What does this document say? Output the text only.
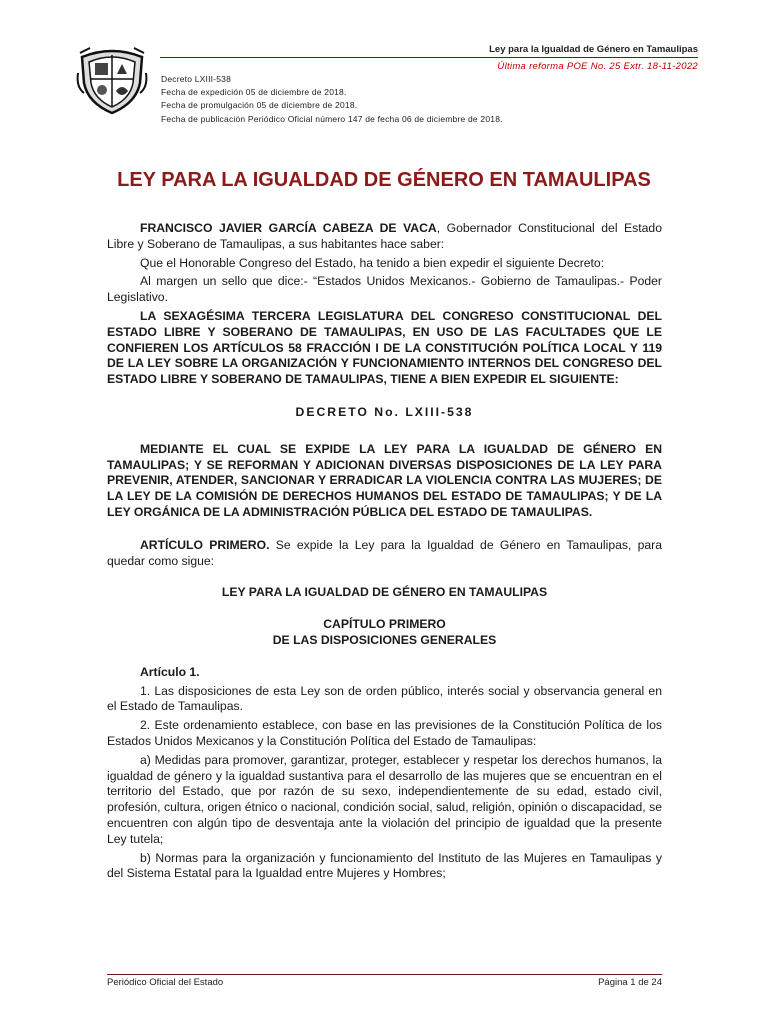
Ley para la Igualdad de Género en Tamaulipas
Última reforma POE No. 25 Extr. 18-11-2022
Decreto LXIII-538
Fecha de expedición 05 de diciembre de 2018.
Fecha de promulgación 05 de diciembre de 2018.
Fecha de publicación Periódico Oficial número 147 de fecha 06 de diciembre de 2018.
LEY PARA LA IGUALDAD DE GÉNERO EN TAMAULIPAS

FRANCISCO JAVIER GARCÍA CABEZA DE VACA, Gobernador Constitucional del Estado Libre y Soberano de Tamaulipas, a sus habitantes hace saber:

Que el Honorable Congreso del Estado, ha tenido a bien expedir el siguiente Decreto:

Al margen un sello que dice:- “Estados Unidos Mexicanos.- Gobierno de Tamaulipas.- Poder Legislativo.

LA SEXAGÉSIMA TERCERA LEGISLATURA DEL CONGRESO CONSTITUCIONAL DEL ESTADO LIBRE Y SOBERANO DE TAMAULIPAS, EN USO DE LAS FACULTADES QUE LE CONFIEREN LOS ARTÍCULOS 58 FRACCIÓN I DE LA CONSTITUCIÓN POLÍTICA LOCAL Y 119 DE LA LEY SOBRE LA ORGANIZACIÓN Y FUNCIONAMIENTO INTERNOS DEL CONGRESO DEL ESTADO LIBRE Y SOBERANO DE TAMAULIPAS, TIENE A BIEN EXPEDIR EL SIGUIENTE:

DECRETO No. LXIII-538

MEDIANTE EL CUAL SE EXPIDE LA LEY PARA LA IGUALDAD DE GÉNERO EN TAMAULIPAS; Y SE REFORMAN Y ADICIONAN DIVERSAS DISPOSICIONES DE LA LEY PARA PREVENIR, ATENDER, SANCIONAR Y ERRADICAR LA VIOLENCIA CONTRA LAS MUJERES; DE LA LEY DE LA COMISIÓN DE DERECHOS HUMANOS DEL ESTADO DE TAMAULIPAS; Y DE LA LEY ORGÁNICA DE LA ADMINISTRACIÓN PÚBLICA DEL ESTADO DE TAMAULIPAS.

ARTÍCULO PRIMERO. Se expide la Ley para la Igualdad de Género en Tamaulipas, para quedar como sigue:

LEY PARA LA IGUALDAD DE GÉNERO EN TAMAULIPAS

CAPÍTULO PRIMERO

DE LAS DISPOSICIONES GENERALES

Artículo 1.

1. Las disposiciones de esta Ley son de orden público, interés social y observancia general en el Estado de Tamaulipas.

2. Este ordenamiento establece, con base en las previsiones de la Constitución Política de los Estados Unidos Mexicanos y la Constitución Política del Estado de Tamaulipas:

a) Medidas para promover, garantizar, proteger, establecer y respetar los derechos humanos, la igualdad de género y la igualdad sustantiva para el desarrollo de las mujeres que se encuentran en el territorio del Estado, que por razón de su sexo, independientemente de su edad, estado civil, profesión, cultura, origen étnico o nacional, condición social, salud, religión, opinión o discapacidad, se encuentren con algún tipo de desventaja ante la violación del principio de igualdad que la presente Ley tutela;

b) Normas para la organización y funcionamiento del Instituto de las Mujeres en Tamaulipas y del Sistema Estatal para la Igualdad entre Mujeres y Hombres;

Periódico Oficial del Estado	Página 1 de 24
